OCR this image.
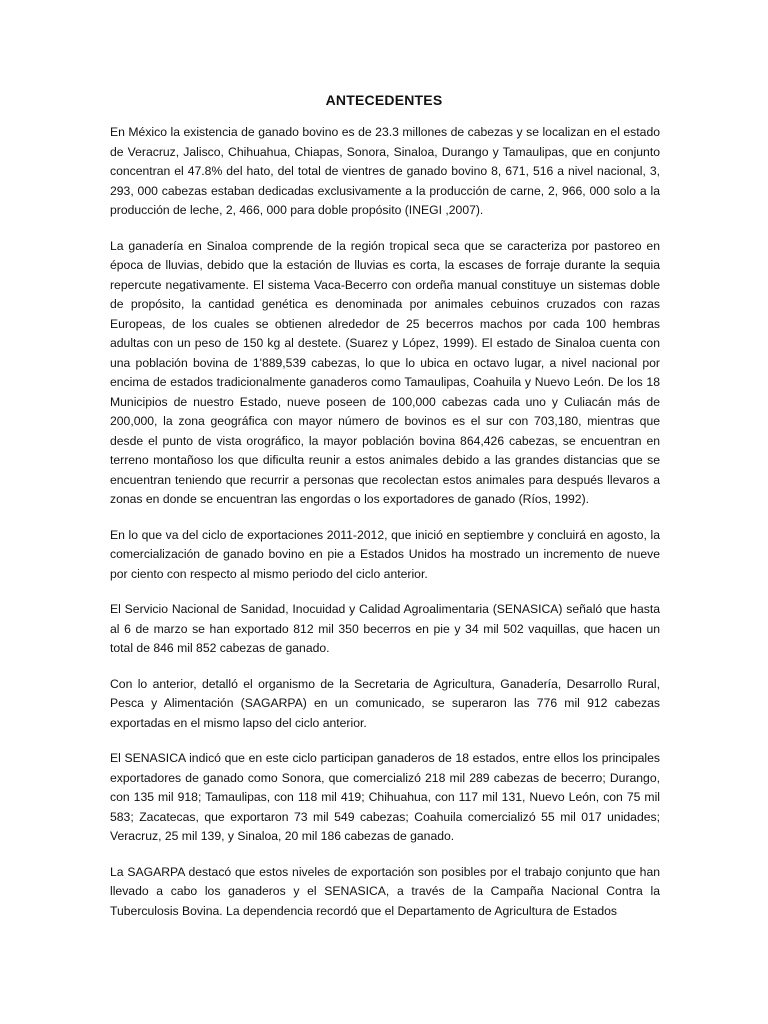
ANTECEDENTES

En México la existencia de ganado bovino es de 23.3 millones de cabezas y se localizan en el estado de Veracruz, Jalisco, Chihuahua, Chiapas, Sonora, Sinaloa, Durango y Tamaulipas, que en conjunto concentran el 47.8% del hato, del total de vientres de ganado bovino 8, 671, 516 a nivel nacional, 3, 293, 000 cabezas estaban dedicadas exclusivamente a la producción de carne, 2, 966, 000 solo a la producción de leche, 2, 466, 000 para doble propósito (INEGI ,2007).

La ganadería en Sinaloa comprende de la región tropical seca que se caracteriza por pastoreo en época de lluvias, debido que la estación de lluvias es corta, la escases de forraje durante la sequia repercute negativamente. El sistema Vaca-Becerro con ordeña manual constituye un sistemas doble de propósito, la cantidad genética es denominada por animales cebuinos cruzados con razas Europeas, de los cuales se obtienen alrededor de 25 becerros machos por cada 100 hembras adultas con un peso de 150 kg al destete. (Suarez y López, 1999). El estado de Sinaloa cuenta con una población bovina de 1'889,539 cabezas, lo que lo ubica en octavo lugar, a nivel nacional por encima de estados tradicionalmente ganaderos como Tamaulipas, Coahuila y Nuevo León. De los 18 Municipios de nuestro Estado, nueve poseen de 100,000 cabezas cada uno y Culiacán más de 200,000, la zona geográfica con mayor número de bovinos es el sur con 703,180, mientras que desde el punto de vista orográfico, la mayor población bovina 864,426 cabezas, se encuentran en terreno montañoso los que dificulta reunir a estos animales debido a las grandes distancias que se encuentran teniendo que recurrir a personas que recolectan estos animales para después llevaros a zonas en donde se encuentran las engordas o los exportadores de ganado (Ríos, 1992).

En lo que va del ciclo de exportaciones 2011-2012, que inició en septiembre y concluirá en agosto, la comercialización de ganado bovino en pie a Estados Unidos ha mostrado un incremento de nueve por ciento con respecto al mismo periodo del ciclo anterior.

El Servicio Nacional de Sanidad, Inocuidad y Calidad Agroalimentaria (SENASICA) señaló que hasta al 6 de marzo se han exportado 812 mil 350 becerros en pie y 34 mil 502 vaquillas, que hacen un total de 846 mil 852 cabezas de ganado.

Con lo anterior, detalló el organismo de la Secretaria de Agricultura, Ganadería, Desarrollo Rural, Pesca y Alimentación (SAGARPA) en un comunicado, se superaron las 776 mil 912 cabezas exportadas en el mismo lapso del ciclo anterior.

El SENASICA indicó que en este ciclo participan ganaderos de 18 estados, entre ellos los principales exportadores de ganado como Sonora, que comercializó 218 mil 289 cabezas de becerro; Durango, con 135 mil 918; Tamaulipas, con 118 mil 419; Chihuahua, con 117 mil 131, Nuevo León, con 75 mil 583; Zacatecas, que exportaron 73 mil 549 cabezas; Coahuila comercializó 55 mil 017 unidades; Veracruz, 25 mil 139, y Sinaloa, 20 mil 186 cabezas de ganado.

La SAGARPA destacó que estos niveles de exportación son posibles por el trabajo conjunto que han llevado a cabo los ganaderos y el SENASICA, a través de la Campaña Nacional Contra la Tuberculosis Bovina. La dependencia recordó que el Departamento de Agricultura de Estados
